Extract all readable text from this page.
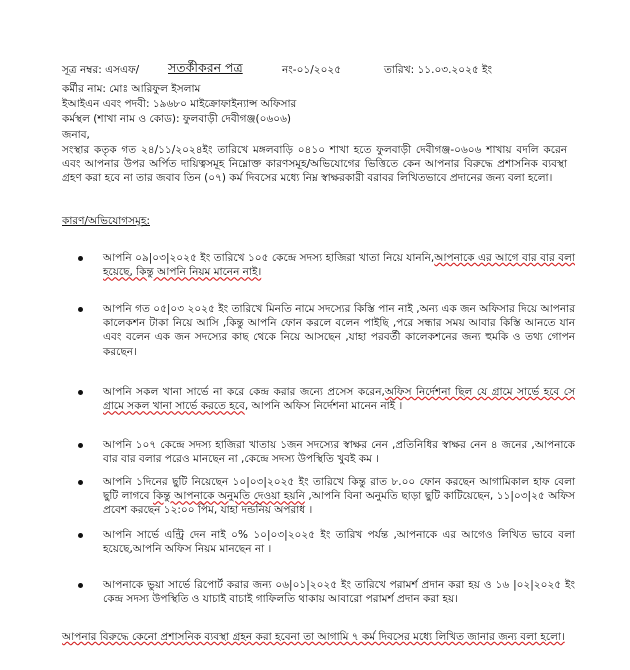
সূত্র নম্বর: এসএফ/ সতর্কীকরন পত্র	নং-০১/২০২৫	তারিখ: ১১.০৩.২০২৫ ইং
কর্মীর নাম: মোঃ আরিফুল ইসলাম
ইআইএন এবং পদবী: ১৯৬৮০ মাইক্রোফাইন্যান্স অফিসার
কর্মস্থল (শাখা নাম ও কোড): ফুলবাড়ী দেবীগঞ্জ(০৬০৬)
জনাব,
সংস্থার কতৃক গত ২৪/১১/২০২৪ইং তারিখে মঙ্গলবাড়ি ০৪১০ শাখা হতে ফুলবাড়ী দেবীগঞ্জ-০৬০৬ শাখায় বদলি করেন এবং আপনার উপর অর্পিত দায়িত্বসমূহ নিম্নোক্ত কারণসমূহ/অভিযোগের ভিত্তিতে কেন আপনার বিরুদ্ধে প্রশাসনিক ব্যবস্থা গ্রহণ করা হবে না তার জবাব তিন (০৭) কর্ম দিবসের মধ্যে নিম্ন স্বাক্ষরকারী বরাবর লিখিতভাবে প্রদানের জন্য বলা হলো।
কারণ/অভিযোগসমূহ:
আপনি ০৯|০৩|২০২৫ ইং তারিখে ১০৫ কেন্দ্রে সদস্য হাজিরা খাতা নিয়ে যাননি,আপনাকে এর আগে বার বার বলা হয়েছে, কিন্তু আপনি নিয়ম মানেন নাই।
আপনি গত ০৫|০৩ ২০২৫ ইং তারিখে মিনতি নামে সদস্যের কিস্তি পান নাই ,অন্য এক জন অফিসার দিয়ে আপনার কালেকশন টাকা নিয়ে আসি ,কিন্তু আপনি ফোন করলে বলেন পাইছি ,পরে সন্ধার সময় আবার কিস্তি আনতে যান এবং বলেন এক জন সদস্যের কাছ থেকে নিয়ে আসছেন ,যাহা পরবর্তী কালেকশনের জন্য হুমকি ও তথ্য গোপন করছেন।
আপনি সকল খানা সার্ভে না করে কেন্দ্র করার জন্যে প্রসেস করেন,অফিস নির্দেশনা ছিল যে গ্রামে সার্ভে হবে সে গ্রামে সকল খানা সার্ভে করতে হবে, আপনি অফিস নির্দেশনা মানেন নাই ।
আপনি ১০৭ কেন্দ্রে সদস্য হাজিরা খাতায় ১জন সদস্যের স্বাক্ষর নেন ,প্রতিনিধির স্বাক্ষর নেন ৪ জনের ,আপনাকে বার বার বলার পরেও মানছেন না ,কেন্দ্রে সদস্য উপস্থিতি খুবই কম ।
আপনি ১দিনের ছুটি নিয়েছেন ১০|০৩|২০২৫ ইং তারিখে কিন্তু রাত ৮.০০ ফোন করছেন আগামিকাল হাফ বেলা ছুটি লাগবে কিন্তু আপনাকে অনুমতি দেওয়া হয়নি ,আপনি বিনা অনুমতি ছাড়া ছুটি কাটিয়েছেন, ১১|০৩|২৫ অফিস প্রবেশ করছেন ১২:০০ পিম, যাহা দন্ডনিয় অপরাধ ।
আপনি সার্ভে এন্ট্রি দেন নাই ০% ১০|০৩|২০২৫ ইং তারিখ পর্যন্ত ,আপনাকে এর আগেও লিখিত ভাবে বলা হয়েছে,আপনি অফিস নিয়ম মানছেন না ।
আপনাকে ভুয়া সার্ভে রিপোর্ট করার জন্য ০৬|০১|২০২৫ ইং তারিখে পরামর্শ প্রদান করা হয় ও ১৬ |০২|২০২৫ ইং কেন্দ্র সদস্য উপস্থিতি ও যাচাই বাচাই গাফিলতি থাকায় আবারো পরামর্শ প্রদান করা হয়।
আপনার বিরুদ্ধে কেনো প্রশাসনিক ব্যবস্থা গ্রহন করা হবেনা তা আগামি ৭ কর্ম দিবসের মধ্যে লিখিত জানার জন্য বলা হলো।
